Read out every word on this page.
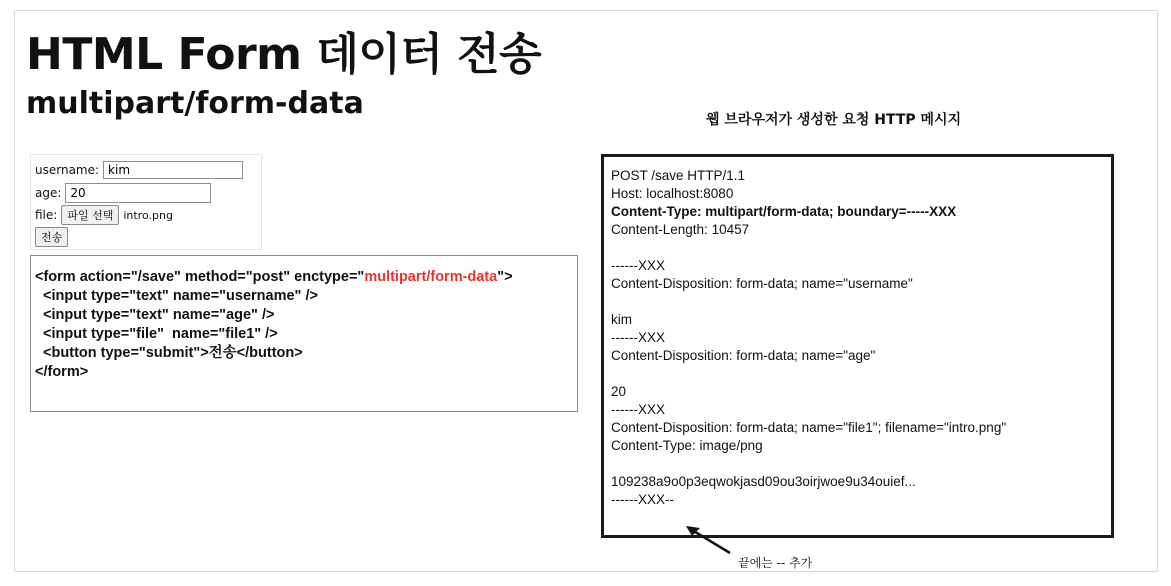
HTML Form 데이터 전송
multipart/form-data
username:
kim
age:
20
file: 파일 선택 intro.png
전송
<form action="/save" method="post" enctype="multipart/form-data">
<input type="text" name="username" />
<input type="text" name="age" />
<input type="file"  name="file1" />
<button type="submit">전송</button>
</form>
웹 브라우저가 생성한 요청 HTTP 메시지
POST /save HTTP/1.1
Host: localhost:8080
Content-Type: multipart/form-data; boundary=-----XXX
Content-Length: 10457
------XXX
Content-Disposition: form-data; name="username"
kim
------XXX
Content-Disposition: form-data; name="age"
20
------XXX
Content-Disposition: form-data; name="file1"; filename="intro.png"
Content-Type: image/png
109238a9o0p3eqwokjasd09ou3oirjwoe9u34ouief...
------XXX--
끝에는 -- 추가
